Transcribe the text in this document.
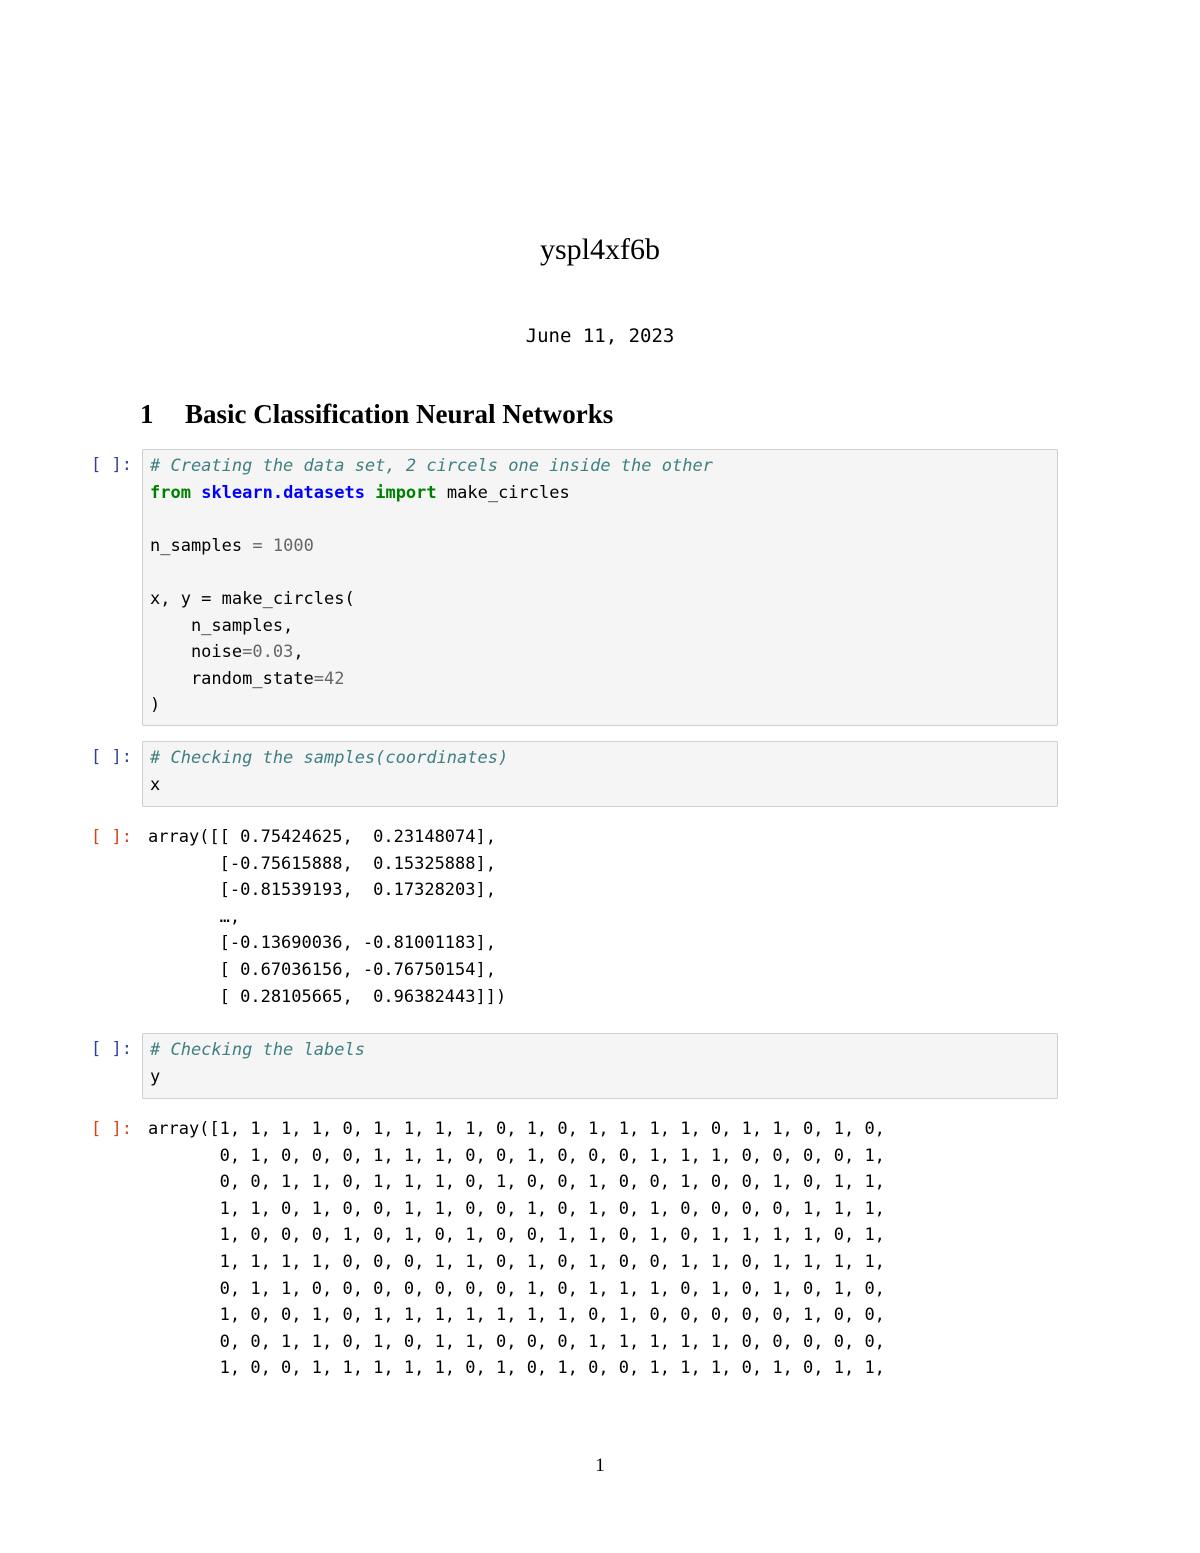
yspl4xf6b
June 11, 2023
1 Basic Classification Neural Networks
[ ]:	# Creating the data set, 2 circels one inside the other
from sklearn.datasets import make_circles

n_samples = 1000

x, y = make_circles(
n_samples,
noise=0.03,
random_state=42
)
[ ]:	# Checking the samples(coordinates)
x
[ ]: array([[ 0.75424625,  0.23148074],
[-0.75615888,  0.15325888],
[-0.81539193,  0.17328203],
…,
[-0.13690036, -0.81001183],
[ 0.67036156, -0.76750154],
[ 0.28105665,  0.96382443]])
[ ]:	# Checking the labels
y
[ ]: array([1, 1, 1, 1, 0, 1, 1, 1, 1, 0, 1, 0, 1, 1, 1, 1, 0, 1, 1, 0, 1, 0,
0, 1, 0, 0, 0, 1, 1, 1, 0, 0, 1, 0, 0, 0, 1, 1, 1, 0, 0, 0, 0, 1,
0, 0, 1, 1, 0, 1, 1, 1, 0, 1, 0, 0, 1, 0, 0, 1, 0, 0, 1, 0, 1, 1,
1, 1, 0, 1, 0, 0, 1, 1, 0, 0, 1, 0, 1, 0, 1, 0, 0, 0, 0, 1, 1, 1,
1, 0, 0, 0, 1, 0, 1, 0, 1, 0, 0, 1, 1, 0, 1, 0, 1, 1, 1, 1, 0, 1,
1, 1, 1, 1, 0, 0, 0, 1, 1, 0, 1, 0, 1, 0, 0, 1, 1, 0, 1, 1, 1, 1,
0, 1, 1, 0, 0, 0, 0, 0, 0, 0, 1, 0, 1, 1, 1, 0, 1, 0, 1, 0, 1, 0,
1, 0, 0, 1, 0, 1, 1, 1, 1, 1, 1, 1, 0, 1, 0, 0, 0, 0, 0, 1, 0, 0,
0, 0, 1, 1, 0, 1, 0, 1, 1, 0, 0, 0, 1, 1, 1, 1, 1, 0, 0, 0, 0, 0,
1, 0, 0, 1, 1, 1, 1, 1, 0, 1, 0, 1, 0, 0, 1, 1, 1, 0, 1, 0, 1, 1,
1
